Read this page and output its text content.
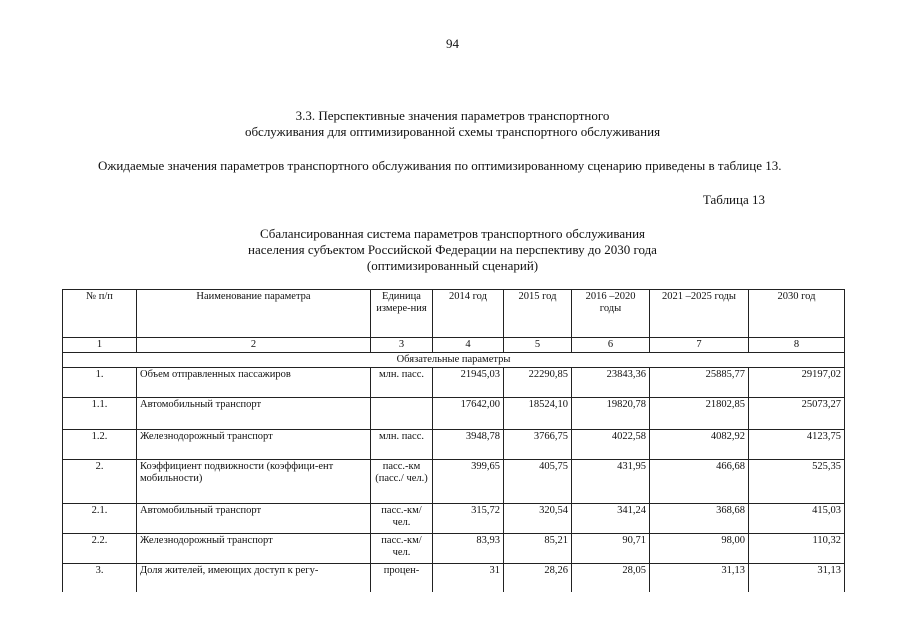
94
3.3. Перспективные значения параметров транспортного
обслуживания для оптимизированной схемы транспортного обслуживания
Ожидаемые значения параметров транспортного обслуживания по оптимизированному сценарию приведены в таблице 13.
Таблица 13
Сбалансированная система параметров транспортного обслуживания
населения субъектом Российской Федерации на перспективу до 2030 года
(оптимизированный сценарий)
№ п/п	Наименование параметра	Единица измере-ния	2014 год	2015 год	2016 –2020 годы	2021 –2025 годы	2030 год
1	2	3	4	5	6	7	8
Обязательные параметры							
1.	Объем отправленных пассажиров	млн. пасс.	21945,03	22290,85	23843,36	25885,77	29197,02
1.1.	Автомобильный транспорт		17642,00	18524,10	19820,78	21802,85	25073,27
1.2.	Железнодорожный транспорт	млн. пасс.	3948,78	3766,75	4022,58	4082,92	4123,75
2.	Коэффициент подвижности (коэффици-ент мобильности)	пасс.-км (пасс./ чел.)	399,65	405,75	431,95	466,68	525,35
2.1.	Автомобильный транспорт	пасс.-км/чел.	315,72	320,54	341,24	368,68	415,03
2.2.	Железнодорожный транспорт	пасс.-км/чел.	83,93	85,21	90,71	98,00	110,32
3.	Доля жителей, имеющих доступ к регу-	процен-	31	28,26	28,05	31,13	31,13
